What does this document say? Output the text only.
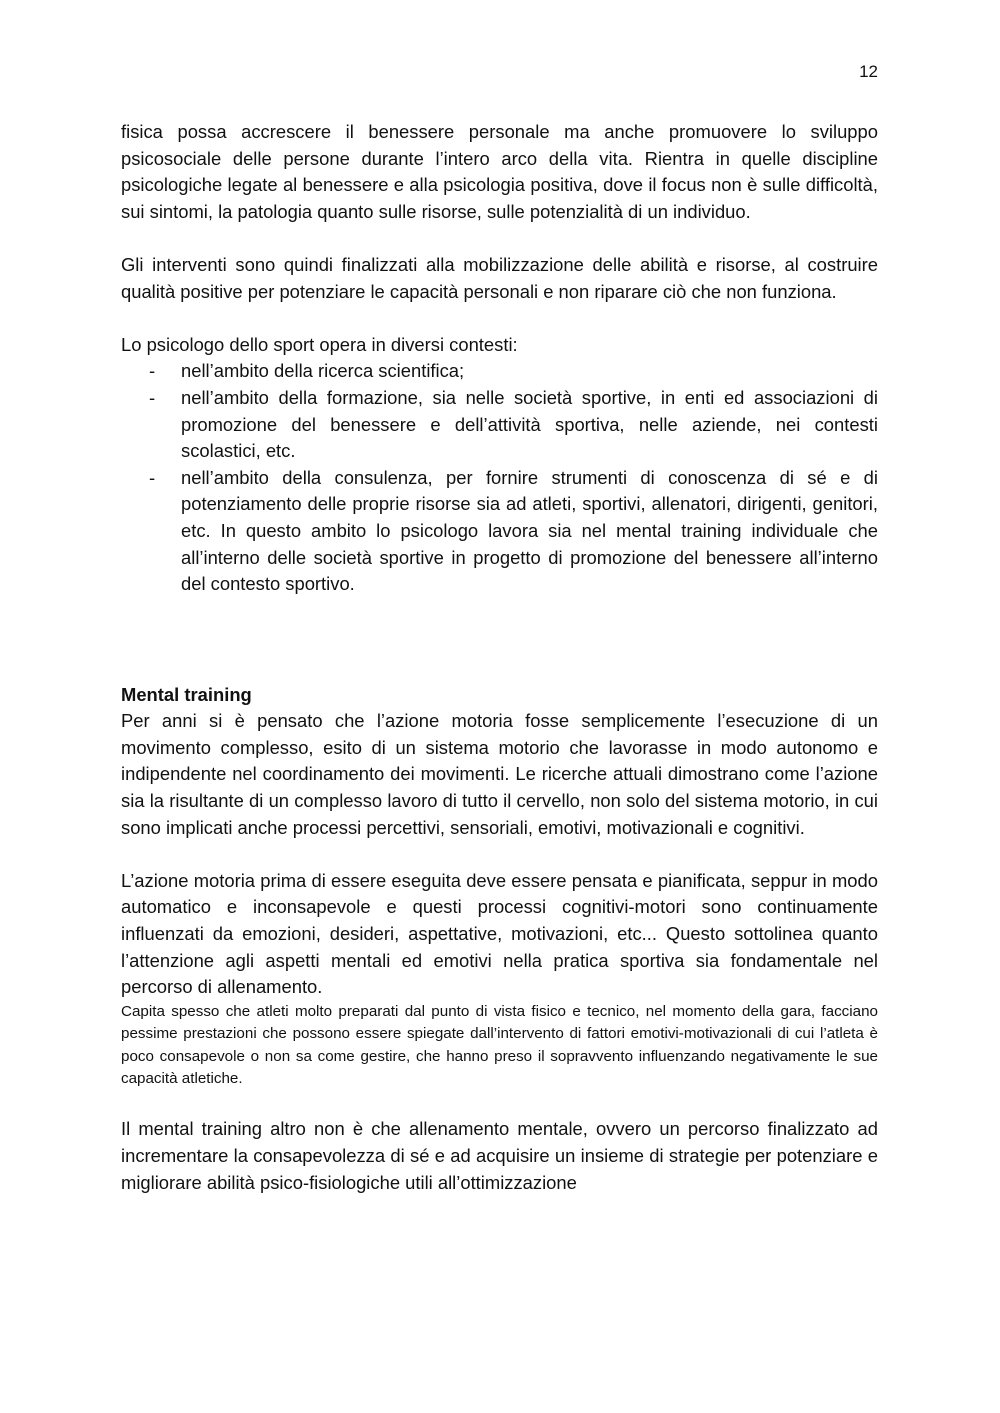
12

fisica possa accrescere il benessere personale ma anche promuovere lo sviluppo psicosociale delle persone durante l’intero arco della vita. Rientra in quelle discipline psicologiche legate al benessere e alla psicologia positiva, dove il focus non è sulle difficoltà, sui sintomi, la patologia quanto sulle risorse, sulle potenzialità di un individuo.

Gli interventi sono quindi finalizzati alla mobilizzazione delle abilità e risorse, al costruire qualità positive per potenziare le capacità personali e non riparare ciò che non funziona.

Lo psicologo dello sport opera in diversi contesti:

- nell’ambito della ricerca scientifica;
- nell’ambito della formazione, sia nelle società sportive, in enti ed associazioni di promozione del benessere e dell’attività sportiva, nelle aziende, nei contesti scolastici, etc.
- nell’ambito della consulenza, per fornire strumenti di conoscenza di sé e di potenziamento delle proprie risorse sia ad atleti, sportivi, allenatori, dirigenti, genitori, etc. In questo ambito lo psicologo lavora sia nel mental training individuale che all’interno delle società sportive in progetto di promozione del benessere all’interno del contesto sportivo.
Mental training

Per anni si è pensato che l’azione motoria fosse semplicemente l’esecuzione di un movimento complesso, esito di un sistema motorio che lavorasse in modo autonomo e indipendente nel coordinamento dei movimenti. Le ricerche attuali dimostrano come l’azione sia la risultante di un complesso lavoro di tutto il cervello, non solo del sistema motorio, in cui sono implicati anche processi percettivi, sensoriali, emotivi, motivazionali e cognitivi.

L’azione motoria prima di essere eseguita deve essere pensata e pianificata, seppur in modo automatico e inconsapevole e questi processi cognitivi-motori sono continuamente influenzati da emozioni, desideri, aspettative, motivazioni, etc... Questo sottolinea quanto l’attenzione agli aspetti mentali ed emotivi nella pratica sportiva sia fondamentale nel percorso di allenamento.

Capita spesso che atleti molto preparati dal punto di vista fisico e tecnico, nel momento della gara, facciano pessime prestazioni che possono essere spiegate dall’intervento di fattori emotivi-motivazionali di cui l’atleta è poco consapevole o non sa come gestire, che hanno preso il sopravvento influenzando negativamente le sue capacità atletiche.

Il mental training altro non è che allenamento mentale, ovvero un percorso finalizzato ad incrementare la consapevolezza di sé e ad acquisire un insieme di strategie per potenziare e migliorare abilità psico-fisiologiche utili all’ottimizzazione
